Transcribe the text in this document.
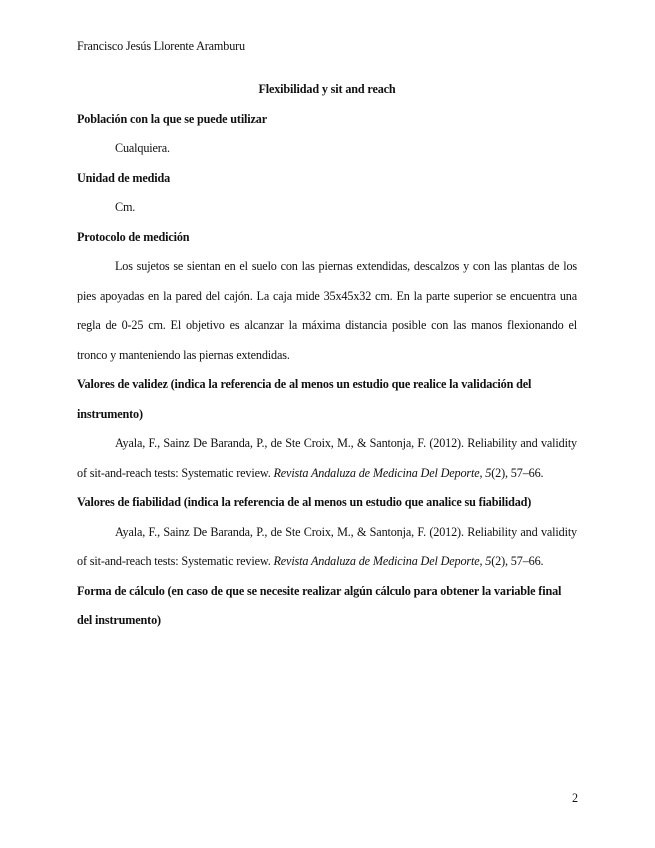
Francisco Jesús Llorente Aramburu

Flexibilidad y sit and reach

Población con la que se puede utilizar

Cualquiera.

Unidad de medida

Cm.

Protocolo de medición

Los sujetos se sientan en el suelo con las piernas extendidas, descalzos y con las plantas de los pies apoyadas en la pared del cajón. La caja mide 35x45x32 cm. En la parte superior se encuentra una regla de 0-25 cm. El objetivo es alcanzar la máxima distancia posible con las manos flexionando el tronco y manteniendo las piernas extendidas.

Valores de validez (indica la referencia de al menos un estudio que realice la validación del instrumento)

Ayala, F., Sainz De Baranda, P., de Ste Croix, M., & Santonja, F. (2012). Reliability and validity of sit-and-reach tests: Systematic review. Revista Andaluza de Medicina Del Deporte, 5(2), 57–66.

Valores de fiabilidad (indica la referencia de al menos un estudio que analice su fiabilidad)

Ayala, F., Sainz De Baranda, P., de Ste Croix, M., & Santonja, F. (2012). Reliability and validity of sit-and-reach tests: Systematic review. Revista Andaluza de Medicina Del Deporte, 5(2), 57–66.

Forma de cálculo (en caso de que se necesite realizar algún cálculo para obtener la variable final del instrumento)

2
